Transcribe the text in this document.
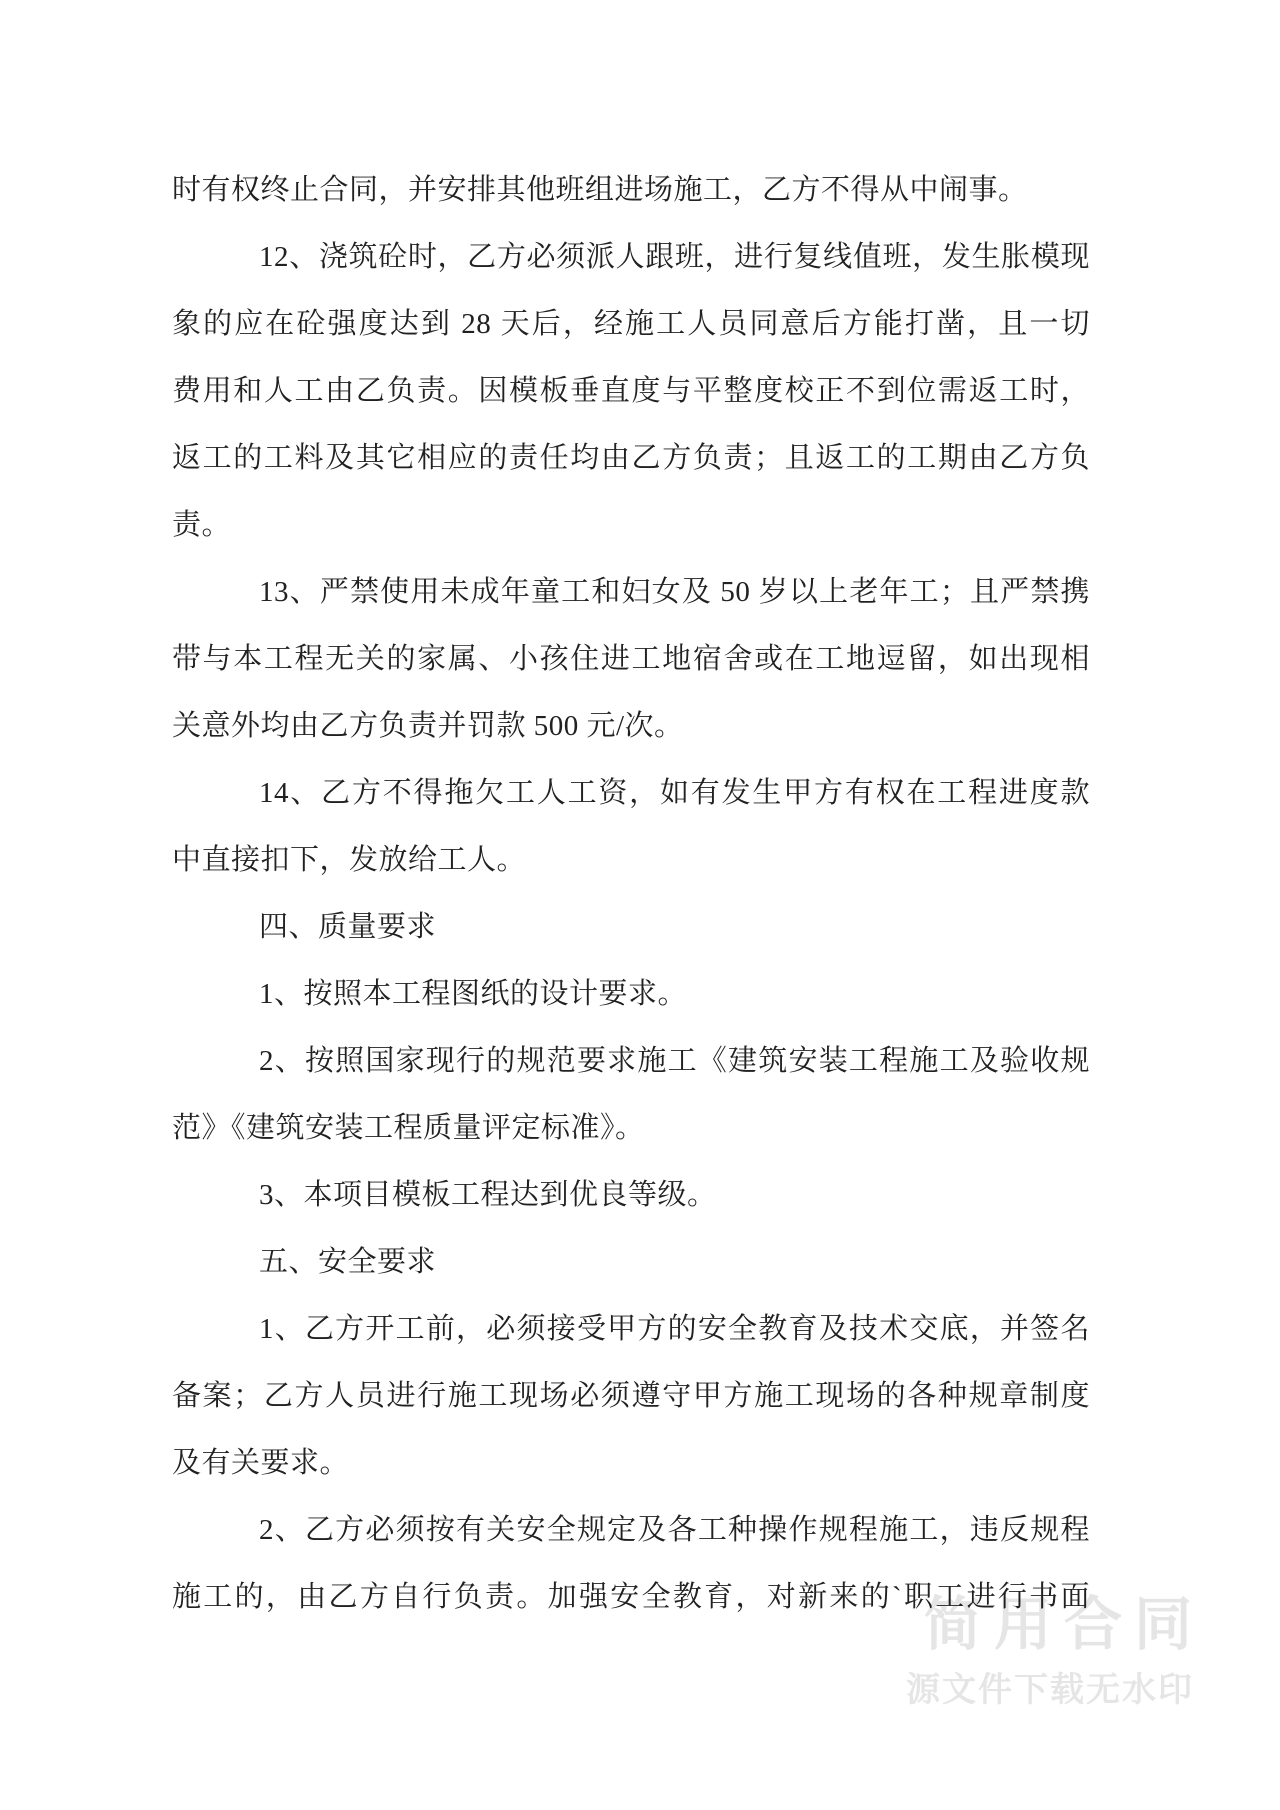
时有权终止合同，并安排其他班组进场施工，乙方不得从中闹事。
12、浇筑砼时，乙方必须派人跟班，进行复线值班，发生胀模现
象的应在砼强度达到 28 天后，经施工人员同意后方能打凿，且一切
费用和人工由乙负责。因模板垂直度与平整度校正不到位需返工时，
返工的工料及其它相应的责任均由乙方负责；且返工的工期由乙方负
责。
13、严禁使用未成年童工和妇女及 50 岁以上老年工；且严禁携
带与本工程无关的家属、小孩住进工地宿舍或在工地逗留，如出现相
关意外均由乙方负责并罚款 500 元/次。
14、乙方不得拖欠工人工资，如有发生甲方有权在工程进度款
中直接扣下，发放给工人。
四、质量要求
1、按照本工程图纸的设计要求。
2、按照国家现行的规范要求施工《建筑安装工程施工及验收规
范》《建筑安装工程质量评定标准》。
3、本项目模板工程达到优良等级。
五、安全要求
1、乙方开工前，必须接受甲方的安全教育及技术交底，并签名
备案；乙方人员进行施工现场必须遵守甲方施工现场的各种规章制度
及有关要求。
2、乙方必须按有关安全规定及各工种操作规程施工，违反规程
施工的，由乙方自行负责。加强安全教育，对新来的`职工进行书面
简用合同
源文件下载无水印
